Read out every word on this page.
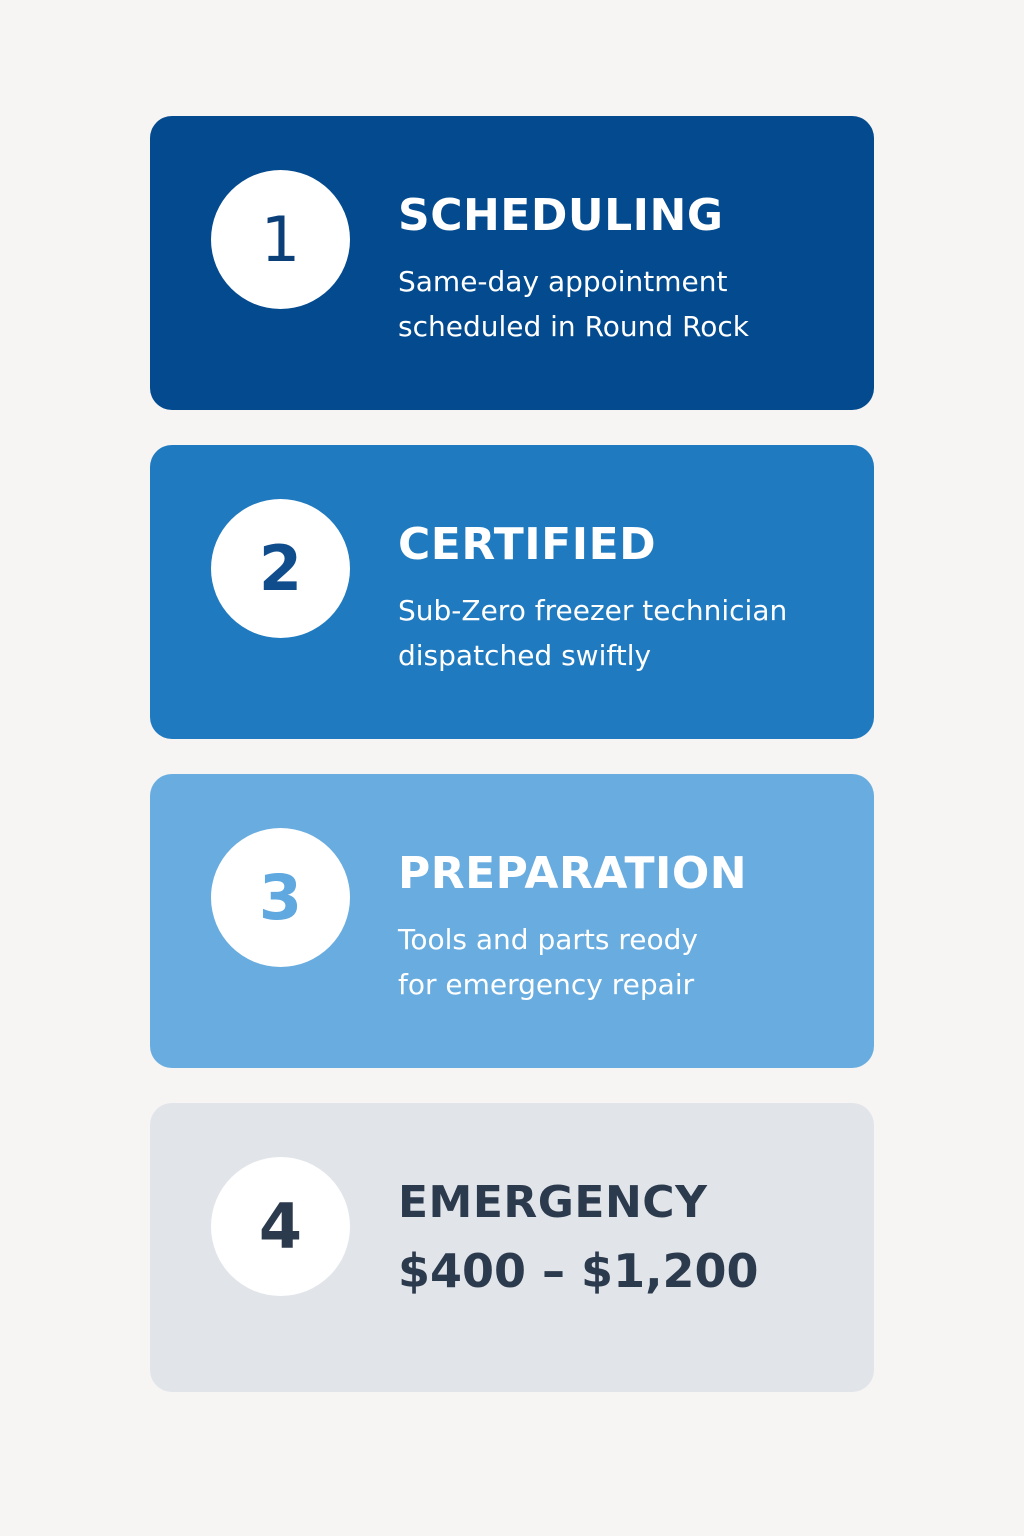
1 SCHEDULING
Same-day appointment
scheduled in Round Rock
2 CERTIFIED
Sub-Zero freezer technician
dispatched swiftly
3 PREPARATION
Tools and parts reody
for emergency repair
4 EMERGENCY
$400 – $1,200
